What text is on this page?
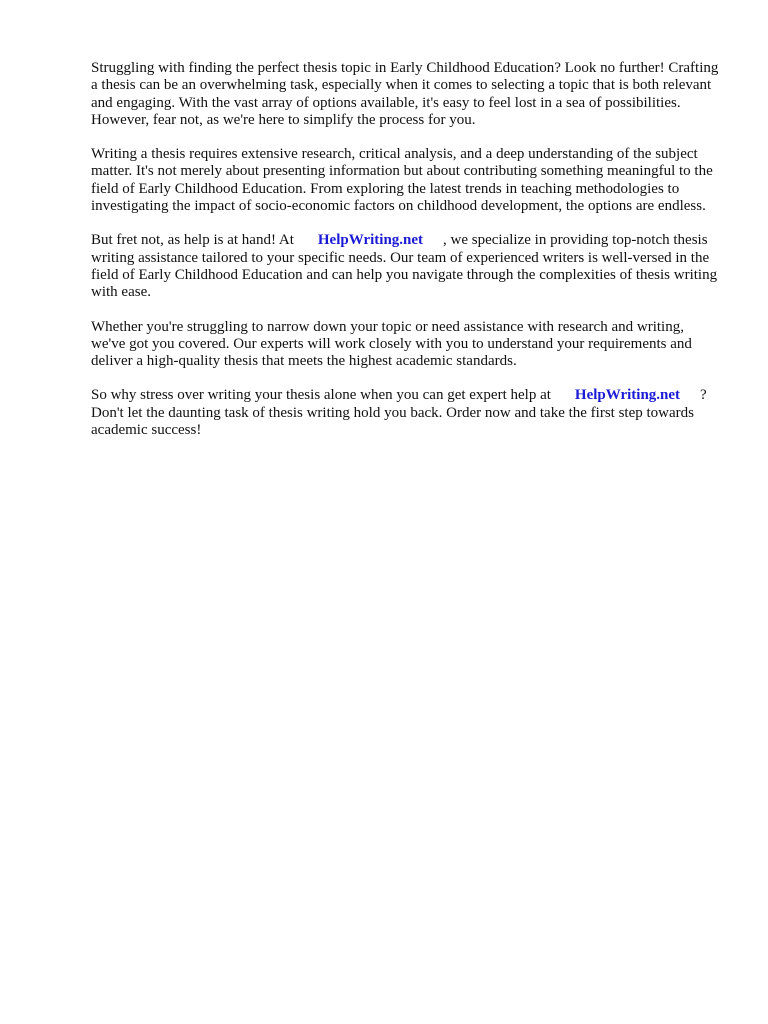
Struggling with finding the perfect thesis topic in Early Childhood Education? Look no further! Crafting a thesis can be an overwhelming task, especially when it comes to selecting a topic that is both relevant and engaging. With the vast array of options available, it's easy to feel lost in a sea of possibilities. However, fear not, as we're here to simplify the process for you.

Writing a thesis requires extensive research, critical analysis, and a deep understanding of the subject matter. It's not merely about presenting information but about contributing something meaningful to the field of Early Childhood Education. From exploring the latest trends in teaching methodologies to investigating the impact of socio-economic factors on childhood development, the options are endless.

But fret not, as help is at hand! At HelpWriting.net , we specialize in providing top-notch thesis writing assistance tailored to your specific needs. Our team of experienced writers is well-versed in the field of Early Childhood Education and can help you navigate through the complexities of thesis writing with ease.

Whether you're struggling to narrow down your topic or need assistance with research and writing, we've got you covered. Our experts will work closely with you to understand your requirements and deliver a high-quality thesis that meets the highest academic standards.

So why stress over writing your thesis alone when you can get expert help at HelpWriting.net ? Don't let the daunting task of thesis writing hold you back. Order now and take the first step towards academic success!
